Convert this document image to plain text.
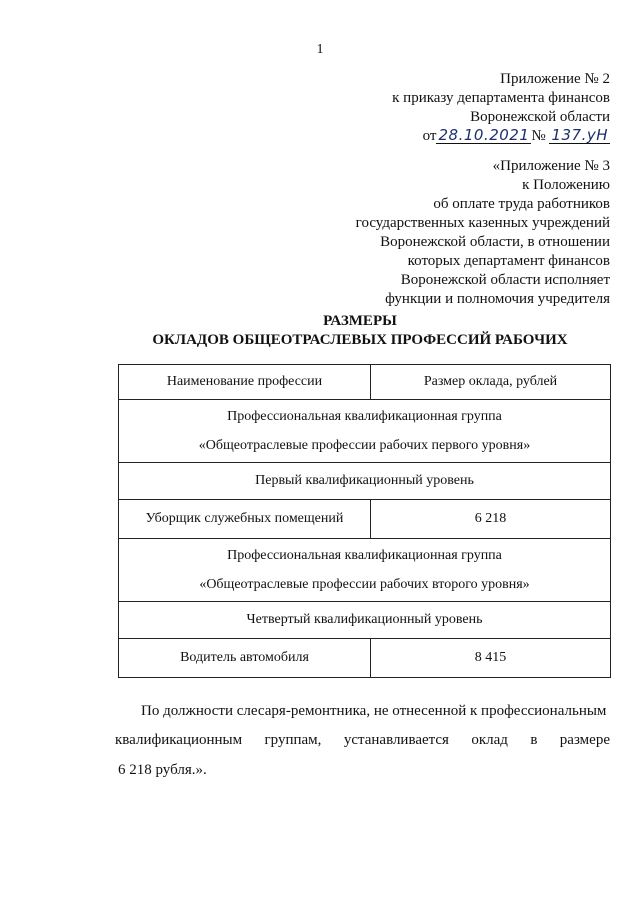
1
Приложение № 2
к приказу департамента финансов
Воронежской области
от 28.10.2021 № 137.уН
«Приложение № 3
к Положению
об оплате труда работников
государственных казенных учреждений
Воронежской области, в отношении
которых департамент финансов
Воронежской области исполняет
функции и полномочия учредителя
РАЗМЕРЫ
ОКЛАДОВ ОБЩЕОТРАСЛЕВЫХ ПРОФЕССИЙ РАБОЧИХ
Наименование профессии	Размер оклада, рублей

Профессиональная квалификационная группа
«Общеотраслевые профессии рабочих первого уровня»	

Первый квалификационный уровень	
Уборщик служебных помещений	6 218

Профессиональная квалификационная группа
«Общеотраслевые профессии рабочих второго уровня»	

Четвертый квалификационный уровень	
Водитель автомобиля	8 415
По должности слесаря-ремонтника, не отнесенной к профессиональным
квалификационным группам, устанавливается оклад в размере
6 218 рубля.».
